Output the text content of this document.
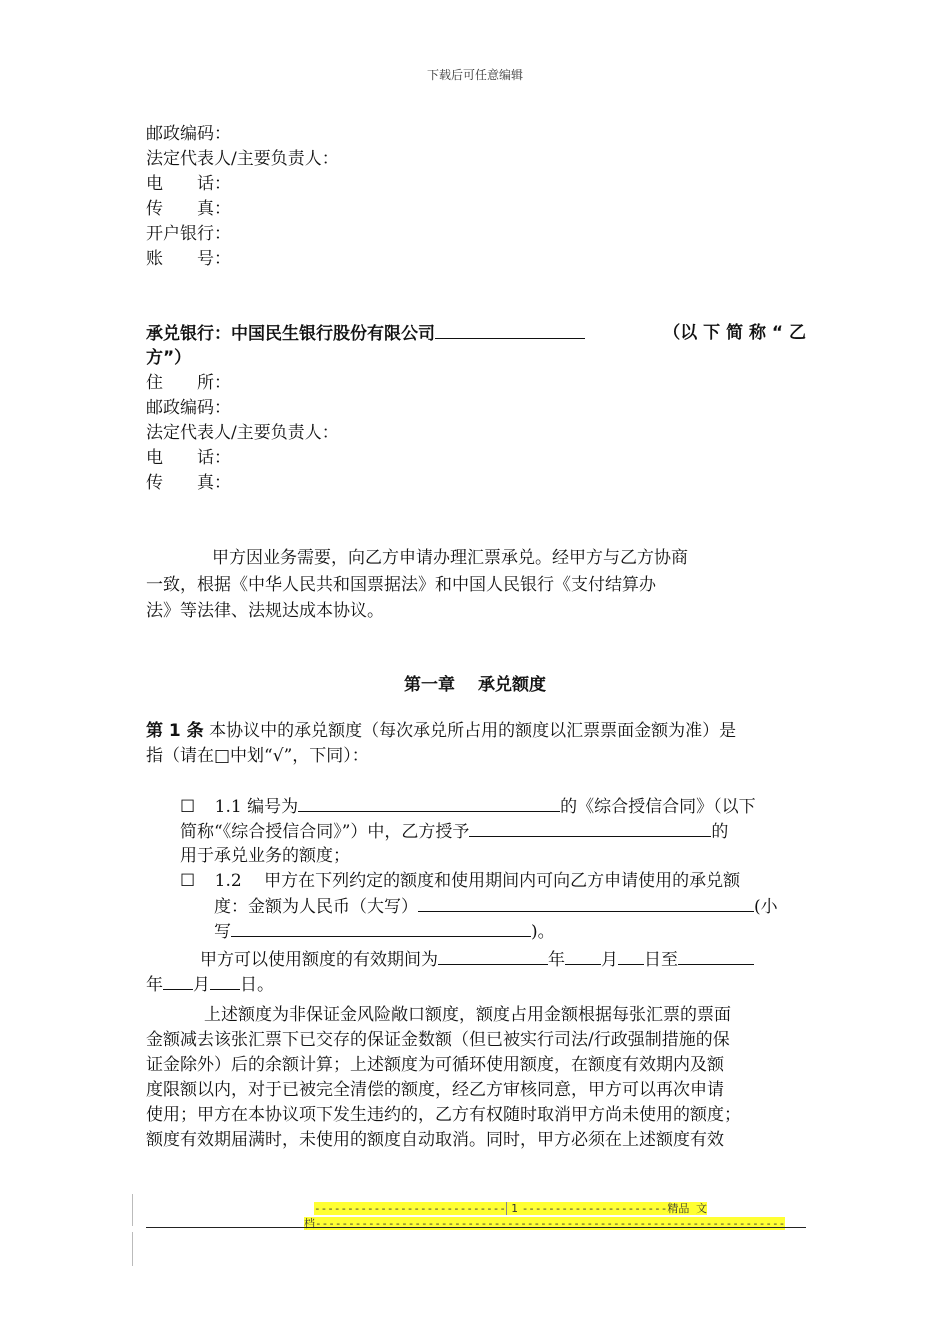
下载后可任意编辑
邮政编码：
法定代表人/主要负责人：
电　　话：
传　　真：
开户银行：
账　　号：
承兑银行：中国民生银行股份有限公司	（以 下 简 称 “ 乙
方”）
住　　所：
邮政编码：
法定代表人/主要负责人：
电　　话：
传　　真：
甲方因业务需要，向乙方申请办理汇票承兑。经甲方与乙方协商
一致，根据《中华人民共和国票据法》和中国人民银行《支付结算办
法》等法律、法规达成本协议。
第一章　 承兑额度
第 1 条 本协议中的承兑额度（每次承兑所占用的额度以汇票票面金额为准）是
指（请在□中划“√”，下同）：
☐ 1.1 编号为	的《综合授信合同》（以下
简称“《综合授信合同》”）中，乙方授予	的
用于承兑业务的额度；
☐ 1.2　 甲方在下列约定的额度和使用期间内可向乙方申请使用的承兑额
度：金额为人民币（大写）	(小
写	)。
甲方可以使用额度的有效期间为	年 月 日至
年 月 日。
上述额度为非保证金风险敞口额度，额度占用金额根据每张汇票的票面
金额减去该张汇票下已交存的保证金数额（但已被实行司法/行政强制措施的保
证金除外）后的余额计算；上述额度为可循环使用额度，在额度有效期内及额
度限额以内，对于已被完全清偿的额度，经乙方审核同意，甲方可以再次申请
使用；甲方在本协议项下发生违约的，乙方有权随时取消甲方尚未使用的额度；
额度有效期届满时，未使用的额度自动取消。同时，甲方必须在上述额度有效
----------------------------- 1 ----------------------精品 文
档-----------------------------------------------------------------------
